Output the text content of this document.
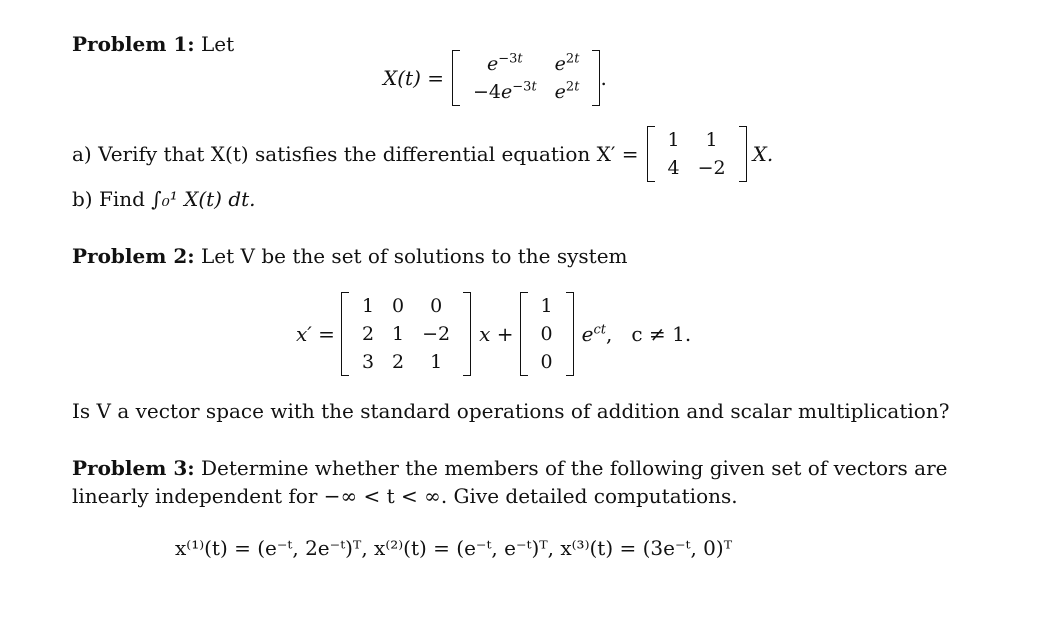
Problem 1: Let
X(t) =
$e^{-3t}$	$e^{2t}$
$-4e^{-3t}$	$e^{2t}$ .
a) Verify that X(t) satisfies the differential equation X′ =
1	1
4	−2
X.
b) Find ∫₀¹ X(t) dt.
Problem 2: Let V be the set of solutions to the system
x′ =
1	0	0
2	1	−2
3	2	1
x +
1
0
0
$e^{ct}$ ,   c ≠ 1.
Is V a vector space with the standard operations of addition and scalar multiplication?
Problem 3: Determine whether the members of the following given set of vectors are
linearly independent for −∞ < t < ∞. Give detailed computations.
x⁽¹⁾(t) = (e⁻ᵗ, 2e⁻ᵗ)ᵀ, x⁽²⁾(t) = (e⁻ᵗ, e⁻ᵗ)ᵀ, x⁽³⁾(t) = (3e⁻ᵗ, 0)ᵀ
